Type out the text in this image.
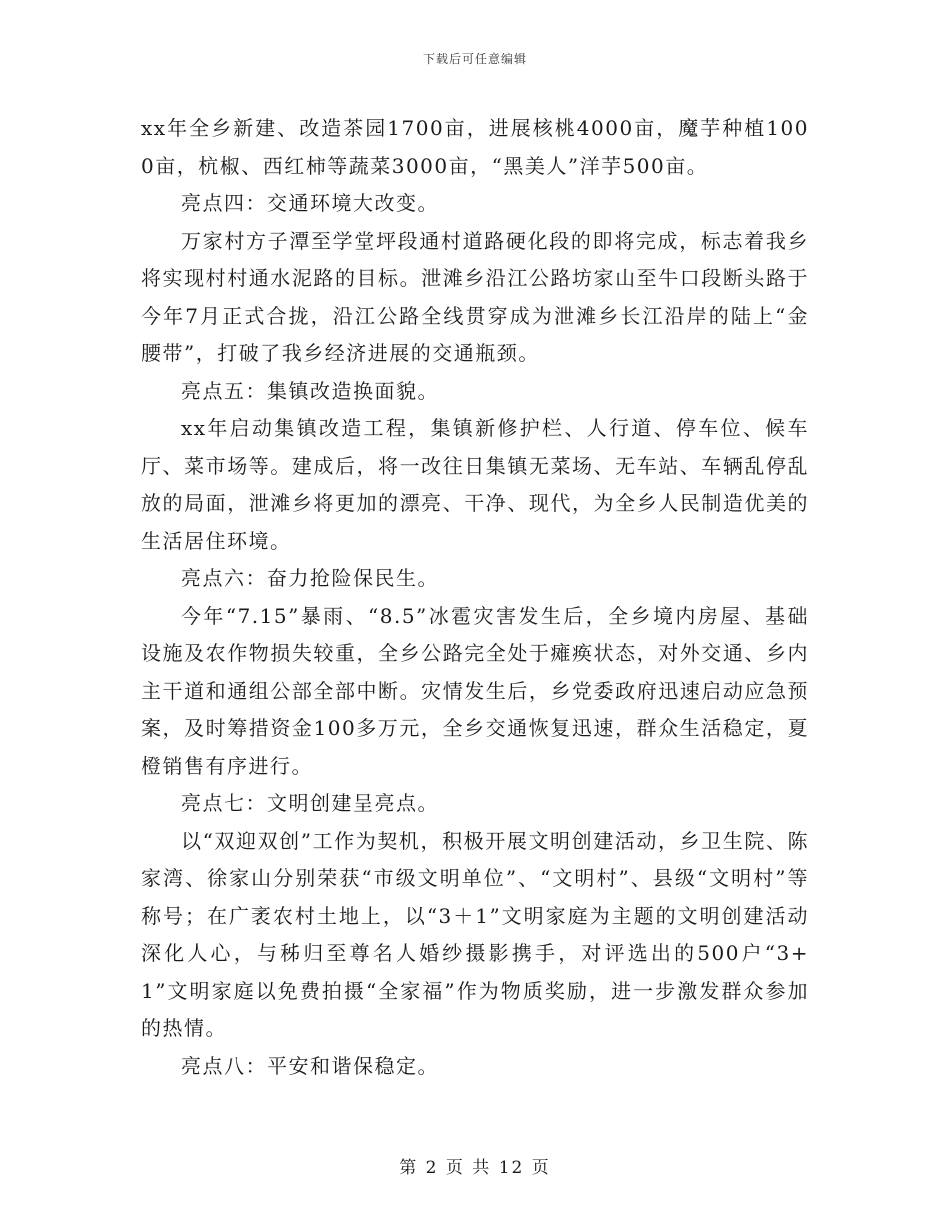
下载后可任意编辑

xx年全乡新建、改造茶园1700亩，进展核桃4000亩，魔芋种植1000亩，杭椒、西红柿等蔬菜3000亩，“黑美人”洋芋500亩。

亮点四：交通环境大改变。

万家村方子潭至学堂坪段通村道路硬化段的即将完成，标志着我乡将实现村村通水泥路的目标。泄滩乡沿江公路坊家山至牛口段断头路于今年7月正式合拢，沿江公路全线贯穿成为泄滩乡长江沿岸的陆上“金腰带”，打破了我乡经济进展的交通瓶颈。

亮点五：集镇改造换面貌。

xx年启动集镇改造工程，集镇新修护栏、人行道、停车位、候车厅、菜市场等。建成后，将一改往日集镇无菜场、无车站、车辆乱停乱放的局面，泄滩乡将更加的漂亮、干净、现代，为全乡人民制造优美的生活居住环境。

亮点六：奋力抢险保民生。

今年“7.15”暴雨、“8.5”冰雹灾害发生后，全乡境内房屋、基础设施及农作物损失较重，全乡公路完全处于瘫痪状态，对外交通、乡内主干道和通组公部全部中断。灾情发生后，乡党委政府迅速启动应急预案，及时筹措资金100多万元，全乡交通恢复迅速，群众生活稳定，夏橙销售有序进行。

亮点七：文明创建呈亮点。

以“双迎双创”工作为契机，积极开展文明创建活动，乡卫生院、陈家湾、徐家山分别荣获“市级文明单位”、“文明村”、县级“文明村”等称号；在广袤农村土地上，以“3＋1”文明家庭为主题的文明创建活动深化人心，与秭归至尊名人婚纱摄影携手，对评选出的500户“3+1”文明家庭以免费拍摄“全家福”作为物质奖励，进一步激发群众参加的热情。

亮点八：平安和谐保稳定。

第 2 页 共 12 页
